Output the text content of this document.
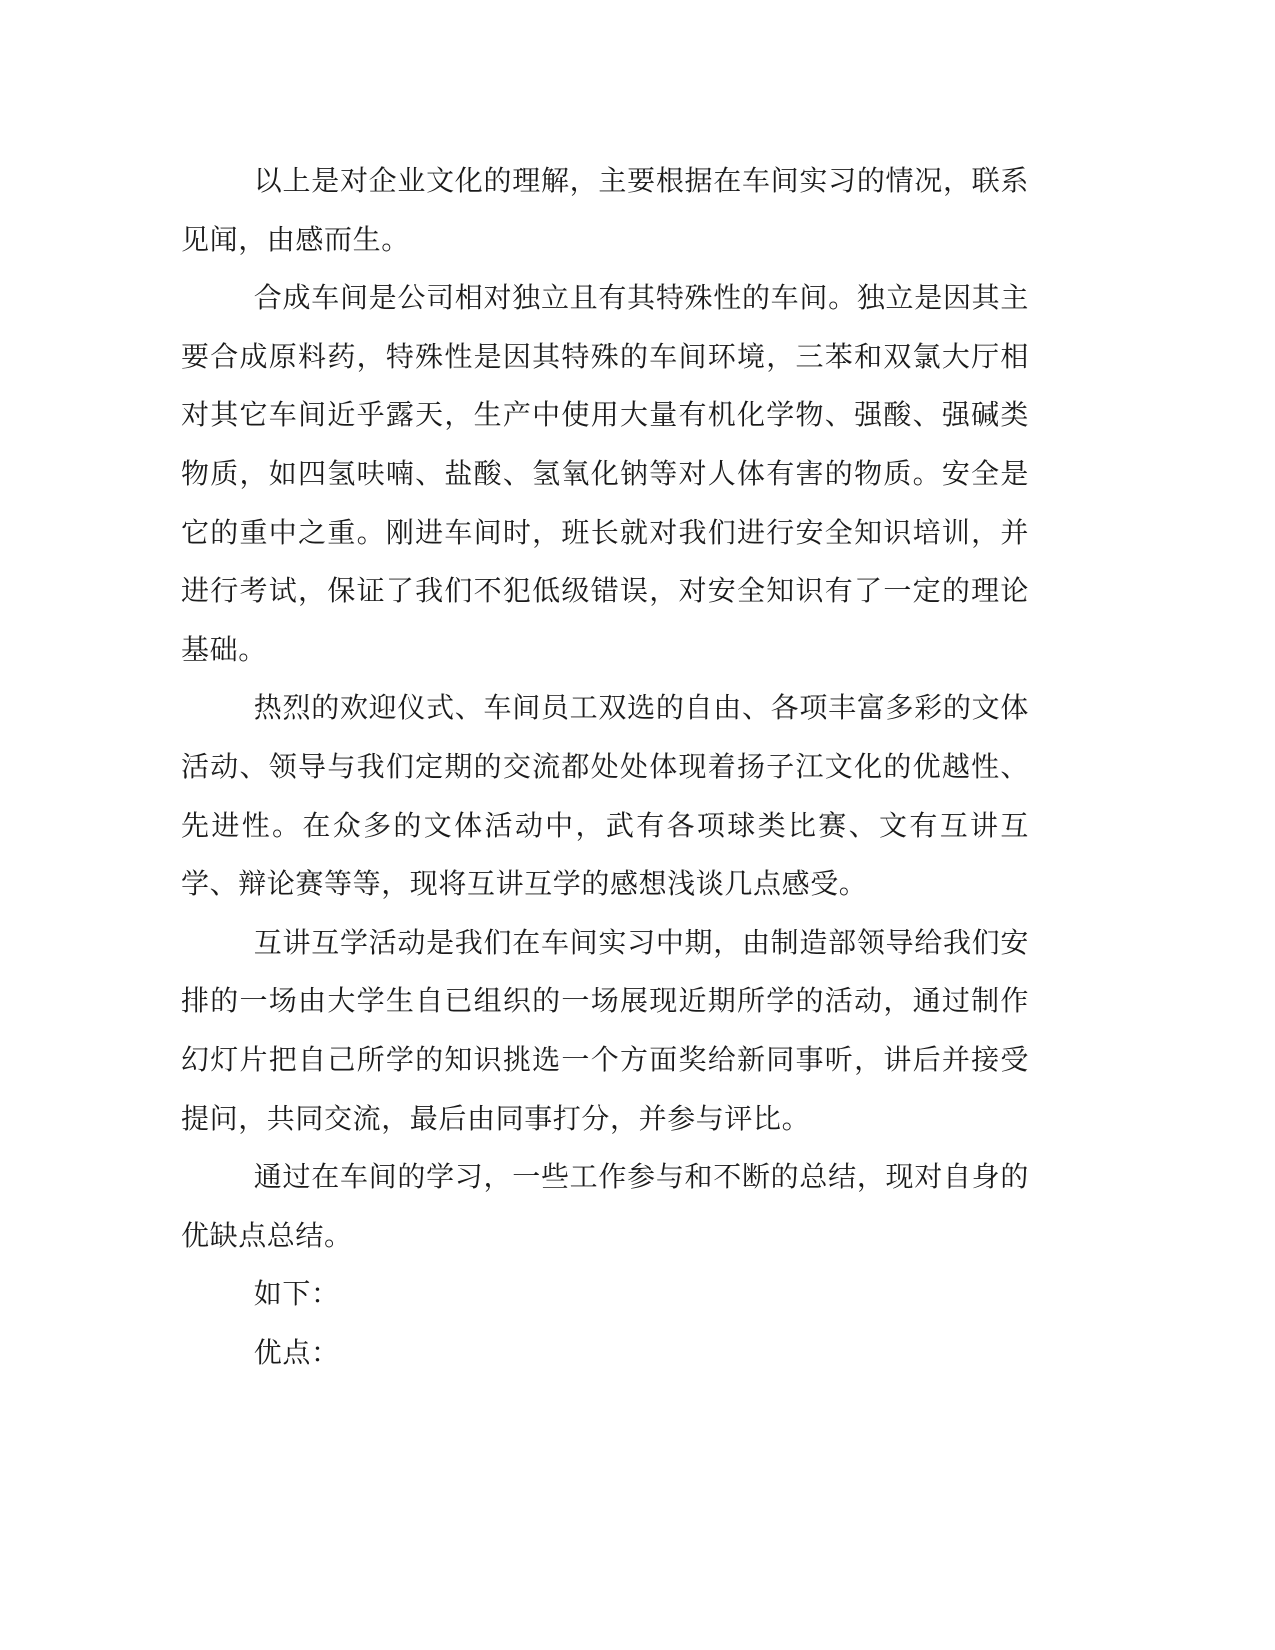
以上是对企业文化的理解，主要根据在车间实习的情况，联系见闻，由感而生。

合成车间是公司相对独立且有其特殊性的车间。独立是因其主要合成原料药，特殊性是因其特殊的车间环境，三苯和双氯大厅相对其它车间近乎露天，生产中使用大量有机化学物、强酸、强碱类物质，如四氢呋喃、盐酸、氢氧化钠等对人体有害的物质。安全是它的重中之重。刚进车间时，班长就对我们进行安全知识培训，并进行考试，保证了我们不犯低级错误，对安全知识有了一定的理论基础。

热烈的欢迎仪式、车间员工双选的自由、各项丰富多彩的文体活动、领导与我们定期的交流都处处体现着扬子江文化的优越性、先进性。在众多的文体活动中，武有各项球类比赛、文有互讲互学、辩论赛等等，现将互讲互学的感想浅谈几点感受。

互讲互学活动是我们在车间实习中期，由制造部领导给我们安排的一场由大学生自已组织的一场展现近期所学的活动，通过制作幻灯片把自己所学的知识挑选一个方面奖给新同事听，讲后并接受提问，共同交流，最后由同事打分，并参与评比。

通过在车间的学习，一些工作参与和不断的总结，现对自身的优缺点总结。

如下：

优点：
